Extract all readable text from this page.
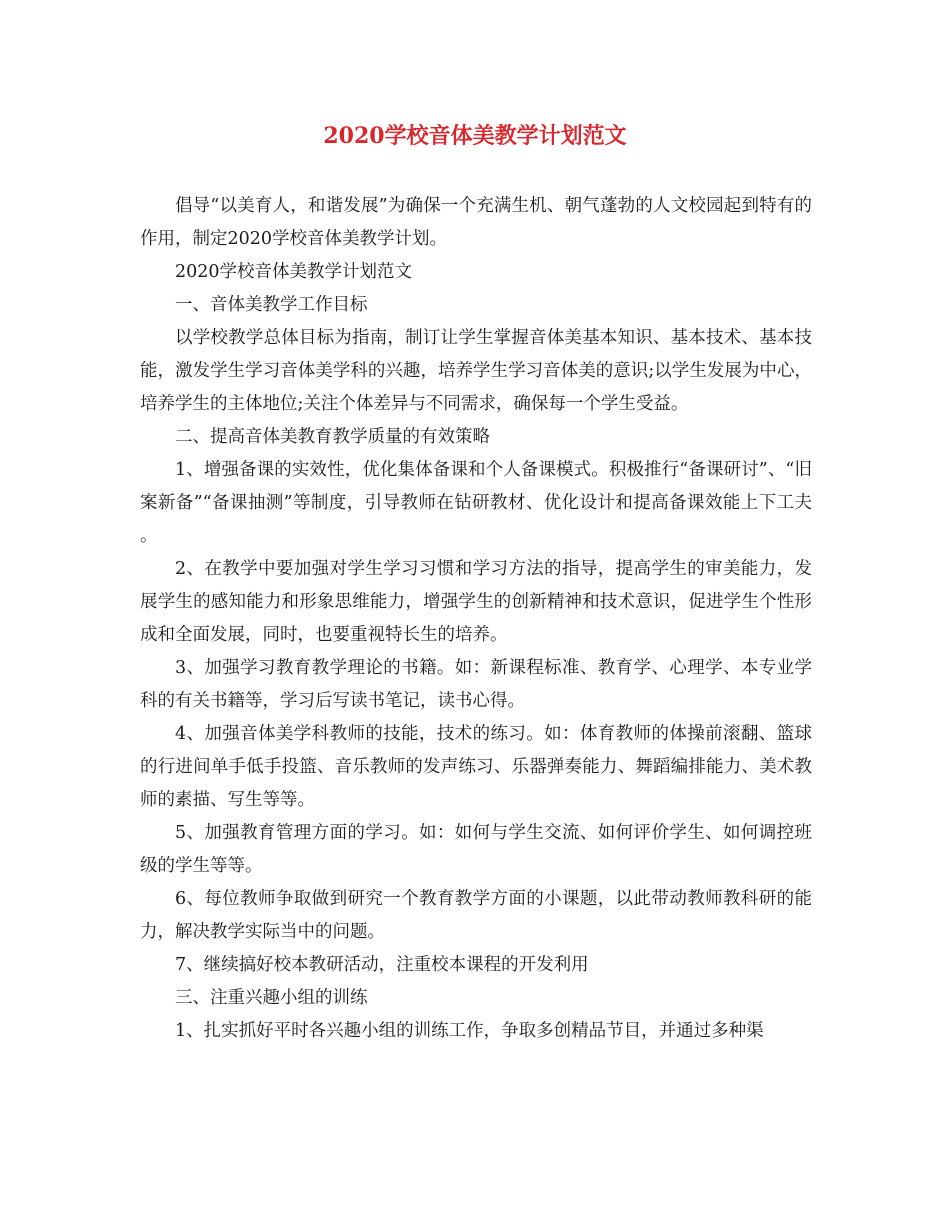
2020学校音体美教学计划范文

倡导“以美育人，和谐发展”为确保一个充满生机、朝气蓬勃的人文校园起到特有的作用，制定2020学校音体美教学计划。

2020学校音体美教学计划范文

一、音体美教学工作目标

以学校教学总体目标为指南，制订让学生掌握音体美基本知识、基本技术、基本技能，激发学生学习音体美学科的兴趣，培养学生学习音体美的意识;以学生发展为中心，培养学生的主体地位;关注个体差异与不同需求，确保每一个学生受益。

二、提高音体美教育教学质量的有效策略

1、增强备课的实效性，优化集体备课和个人备课模式。积极推行“备课研讨”、“旧案新备”“备课抽测”等制度，引导教师在钻研教材、优化设计和提高备课效能上下工夫。

2、在教学中要加强对学生学习习惯和学习方法的指导，提高学生的审美能力，发展学生的感知能力和形象思维能力，增强学生的创新精神和技术意识，促进学生个性形成和全面发展，同时，也要重视特长生的培养。

3、加强学习教育教学理论的书籍。如：新课程标准、教育学、心理学、本专业学科的有关书籍等，学习后写读书笔记，读书心得。

4、加强音体美学科教师的技能，技术的练习。如：体育教师的体操前滚翻、篮球的行进间单手低手投篮、音乐教师的发声练习、乐器弹奏能力、舞蹈编排能力、美术教师的素描、写生等等。

5、加强教育管理方面的学习。如：如何与学生交流、如何评价学生、如何调控班级的学生等等。

6、每位教师争取做到研究一个教育教学方面的小课题，以此带动教师教科研的能力，解决教学实际当中的问题。

7、继续搞好校本教研活动，注重校本课程的开发利用

三、注重兴趣小组的训练

1、扎实抓好平时各兴趣小组的训练工作，争取多创精品节目，并通过多种渠
